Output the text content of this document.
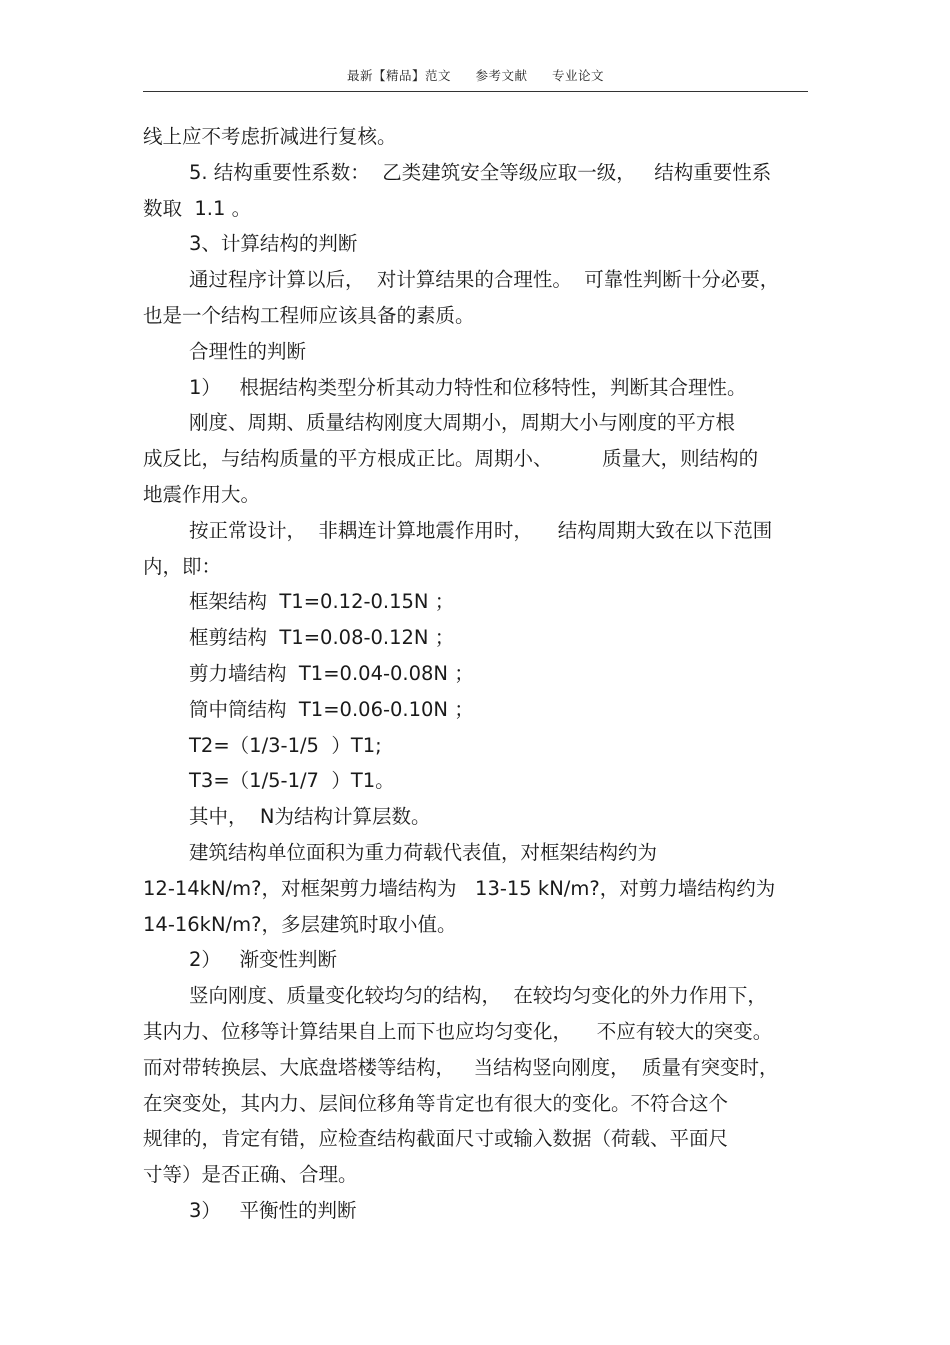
最新【精品】范文 参考文献 专业论文
线上应不考虑折减进行复核。
5. 结构重要性系数：  乙类建筑安全等级应取一级，   结构重要性系
数取  1.1 。
3、计算结构的判断
通过程序计算以后，  对计算结果的合理性。  可靠性判断十分必要，
也是一个结构工程师应该具备的素质。
合理性的判断
1）   根据结构类型分析其动力特性和位移特性，判断其合理性。
刚度、周期、质量结构刚度大周期小，周期大小与刚度的平方根
成反比，与结构质量的平方根成正比。周期小、        质量大，则结构的
地震作用大。
按正常设计，  非耦连计算地震作用时，    结构周期大致在以下范围
内，即：
框架结构  T1=0.12-0.15N ；
框剪结构  T1=0.08-0.12N ；
剪力墙结构  T1=0.04-0.08N ；
筒中筒结构  T1=0.06-0.10N ；
T2=（1/3-1/5  ）T1;
T3=（1/5-1/7  ）T1。
其中，  N为结构计算层数。
建筑结构单位面积为重力荷载代表值，对框架结构约为
12-14kN/m?，对框架剪力墙结构为   13-15 kN/m?，对剪力墙结构约为
14-16kN/m?，多层建筑时取小值。
2）   渐变性判断
竖向刚度、质量变化较均匀的结构，  在较均匀变化的外力作用下，
其内力、位移等计算结果自上而下也应均匀变化，    不应有较大的突变。
而对带转换层、大底盘塔楼等结构，   当结构竖向刚度，  质量有突变时，
在突变处，其内力、层间位移角等肯定也有很大的变化。不符合这个
规律的，肯定有错，应检查结构截面尺寸或输入数据（荷载、平面尺
寸等）是否正确、合理。
3）   平衡性的判断
